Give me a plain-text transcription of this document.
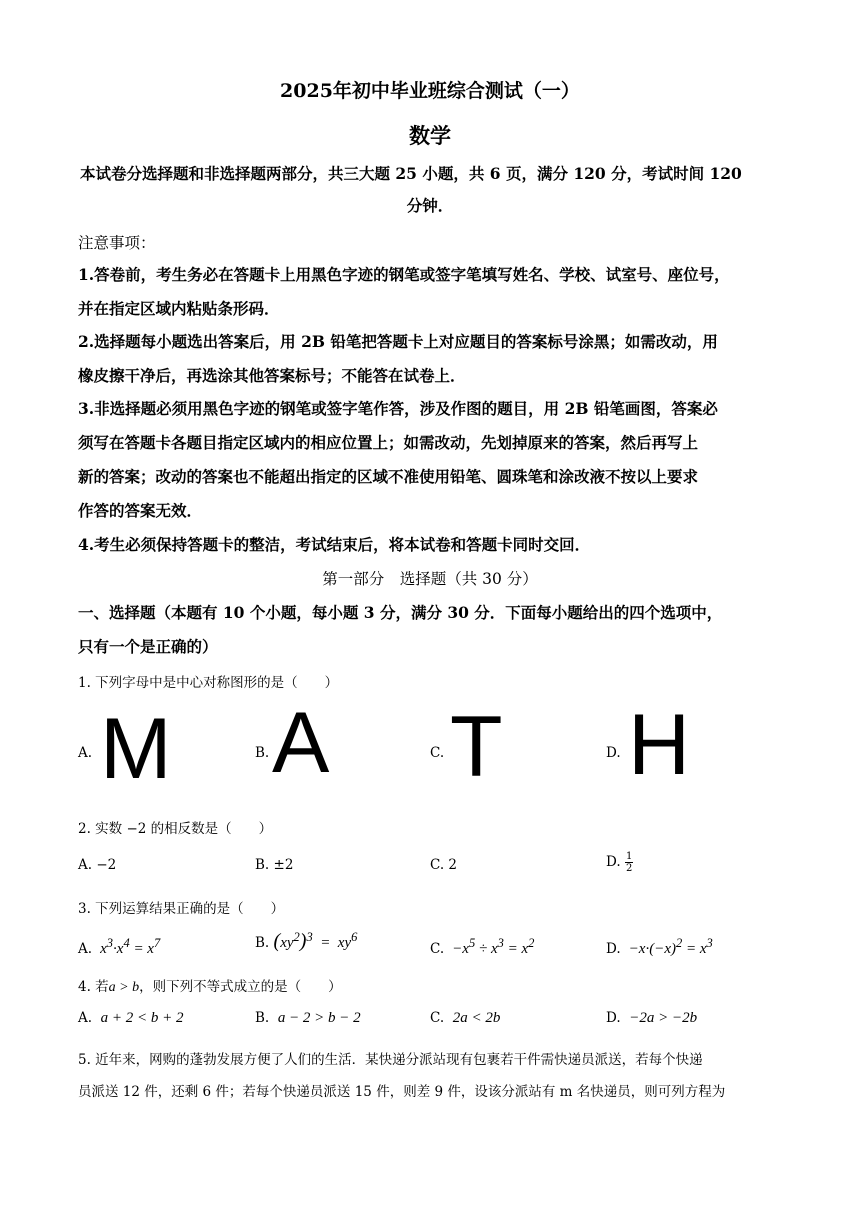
2025年初中毕业班综合测试（一）
数学
本试卷分选择题和非选择题两部分，共三大题 25 小题，共 6 页，满分 120 分，考试时间 120
分钟．
注意事项：
1.答卷前，考生务必在答题卡上用黑色字迹的钢笔或签字笔填写姓名、学校、试室号、座位号，
并在指定区域内粘贴条形码．
2.选择题每小题选出答案后，用 2B 铅笔把答题卡上对应题目的答案标号涂黑；如需改动，用
橡皮擦干净后，再选涂其他答案标号；不能答在试卷上．
3.非选择题必须用黑色字迹的钢笔或签字笔作答，涉及作图的题目，用 2B 铅笔画图，答案必
须写在答题卡各题目指定区域内的相应位置上；如需改动，先划掉原来的答案，然后再写上
新的答案；改动的答案也不能超出指定的区域不准使用铅笔、圆珠笔和涂改液不按以上要求
作答的答案无效．
4.考生必须保持答题卡的整洁，考试结束后，将本试卷和答题卡同时交回．
第一部分　选择题（共 30 分）
一、选择题（本题有 10 个小题，每小题 3 分，满分 30 分．下面每小题给出的四个选项中，
只有一个是正确的）
1. 下列字母中是中心对称图形的是（　　）
A. M	B. A	C. T	D. H
2. 实数 −2 的相反数是（　　）
A. −2	B. ±2	C. 2	D. $\frac{1}{2}$
3. 下列运算结果正确的是（　　）
A.  $x^3\cdot x^4 = x^7$	B. $(xy^2)^3 = xy^6$
C.  $-x^5 \div x^3 = x^2$	D.  $-x\cdot(-x)^2 = x^3$
4. 若a > b，则下列不等式成立的是（　　）
A. a + 2 < b + 2	B. a − 2 > b − 2	C. 2a < 2b	D. −2a > −2b
5. 近年来，网购的蓬勃发展方便了人们的生活．某快递分派站现有包裹若干件需快递员派送，若每个快递
员派送 12 件，还剩 6 件；若每个快递员派送 15 件，则差 9 件，设该分派站有 m 名快递员，则可列方程为
